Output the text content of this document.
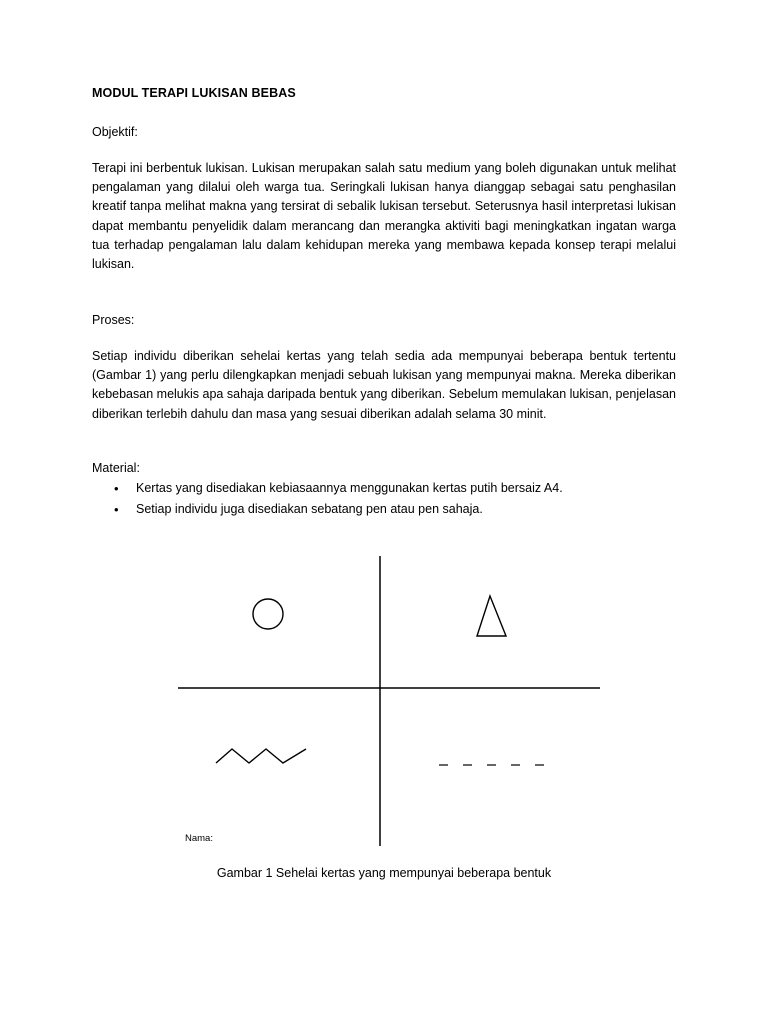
MODUL TERAPI LUKISAN BEBAS
Objektif:

Terapi ini berbentuk lukisan. Lukisan merupakan salah satu medium yang boleh digunakan untuk melihat pengalaman yang dilalui oleh warga tua. Seringkali lukisan hanya dianggap sebagai satu penghasilan kreatif tanpa melihat makna yang tersirat di sebalik lukisan tersebut. Seterusnya hasil interpretasi lukisan dapat membantu penyelidik dalam merancang dan merangka aktiviti bagi meningkatkan ingatan warga tua terhadap pengalaman lalu dalam kehidupan mereka yang membawa kepada konsep terapi melalui lukisan.

Proses:

Setiap individu diberikan sehelai kertas yang telah sedia ada mempunyai beberapa bentuk tertentu (Gambar 1) yang perlu dilengkapkan menjadi sebuah lukisan yang mempunyai makna. Mereka diberikan kebebasan melukis apa sahaja daripada bentuk yang diberikan. Sebelum memulakan lukisan, penjelasan diberikan terlebih dahulu dan masa yang sesuai diberikan adalah selama 30 minit.

Material:
• Kertas yang disediakan kebiasaannya menggunakan kertas putih bersaiz A4.
• Setiap individu juga disediakan sebatang pen atau pen sahaja.
Nama:
Gambar 1 Sehelai kertas yang mempunyai beberapa bentuk
